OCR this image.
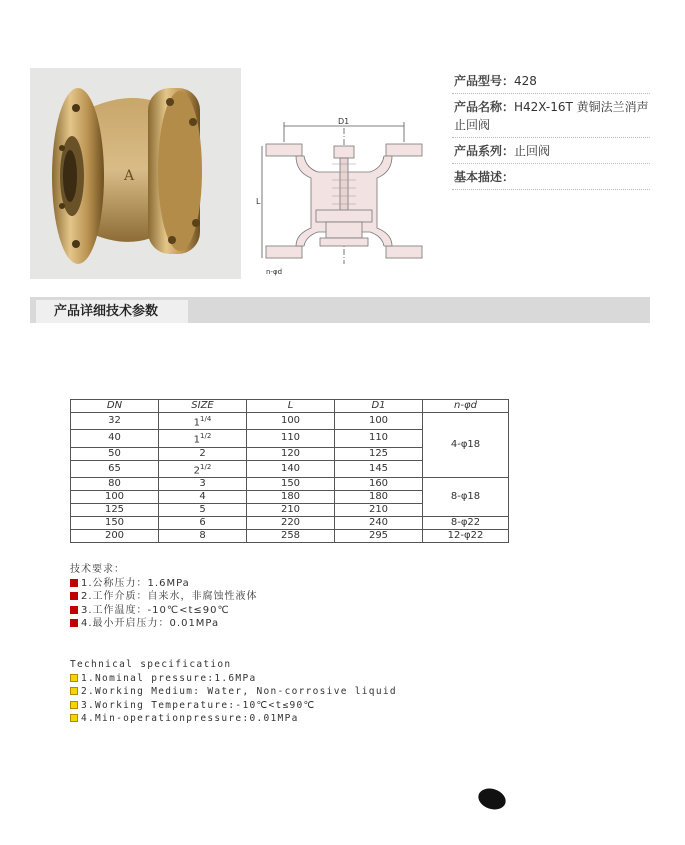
A
D1
L
n-φd
产品型号：428
产品名称：H42X-16T 黄铜法兰消声止回阀
产品系列：止回阀
基本描述：
产品详细技术参数
DN	SIZE	L	D1	n-φd
32	$1^{1/4}$	100	100	4-φ18
40	$1^{1/2}$	110	110	
50	2	120	125	
65	$2^{1/2}$	140	145	
80	3	150	160	8-φ18
100	4	180	180	
125	5	210	210	
150	6	220	240	8-φ22
200	8	258	295	12-φ22
技术要求：
1.公称压力：1.6MPa
2.工作介质：自来水，非腐蚀性液体
3.工作温度：-10℃<t≤90℃
4.最小开启压力：0.01MPa
Technical specification
1.Nominal pressure:1.6MPa
2.Working Medium: Water, Non-corrosive liquid
3.Working Temperature:-10℃<t≤90℃
4.Min-operationpressure:0.01MPa
